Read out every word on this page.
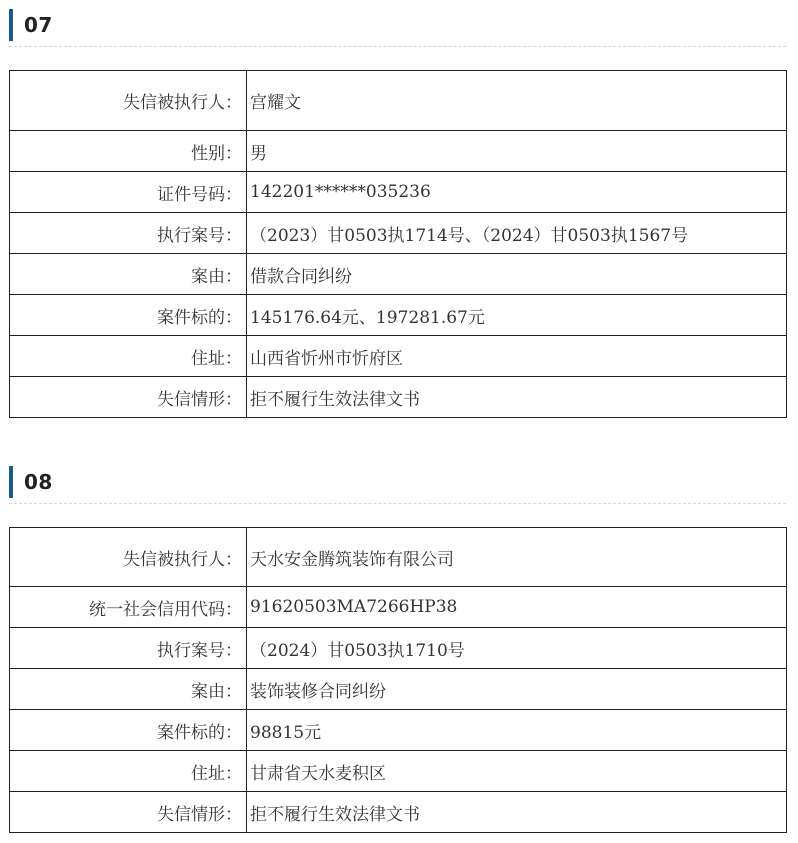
07
失信被执行人：	宫耀文
性别：	男
证件号码：	142201******035236
执行案号：	（2023）甘0503执1714号、（2024）甘0503执1567号
案由：	借款合同纠纷
案件标的：	145176.64元、197281.67元
住址：	山西省忻州市忻府区
失信情形：	拒不履行生效法律文书
08
失信被执行人：	天水安金腾筑装饰有限公司
统一社会信用代码：	91620503MA7266HP38
执行案号：	（2024）甘0503执1710号
案由：	装饰装修合同纠纷
案件标的：	98815元
住址：	甘肃省天水麦积区
失信情形：	拒不履行生效法律文书
